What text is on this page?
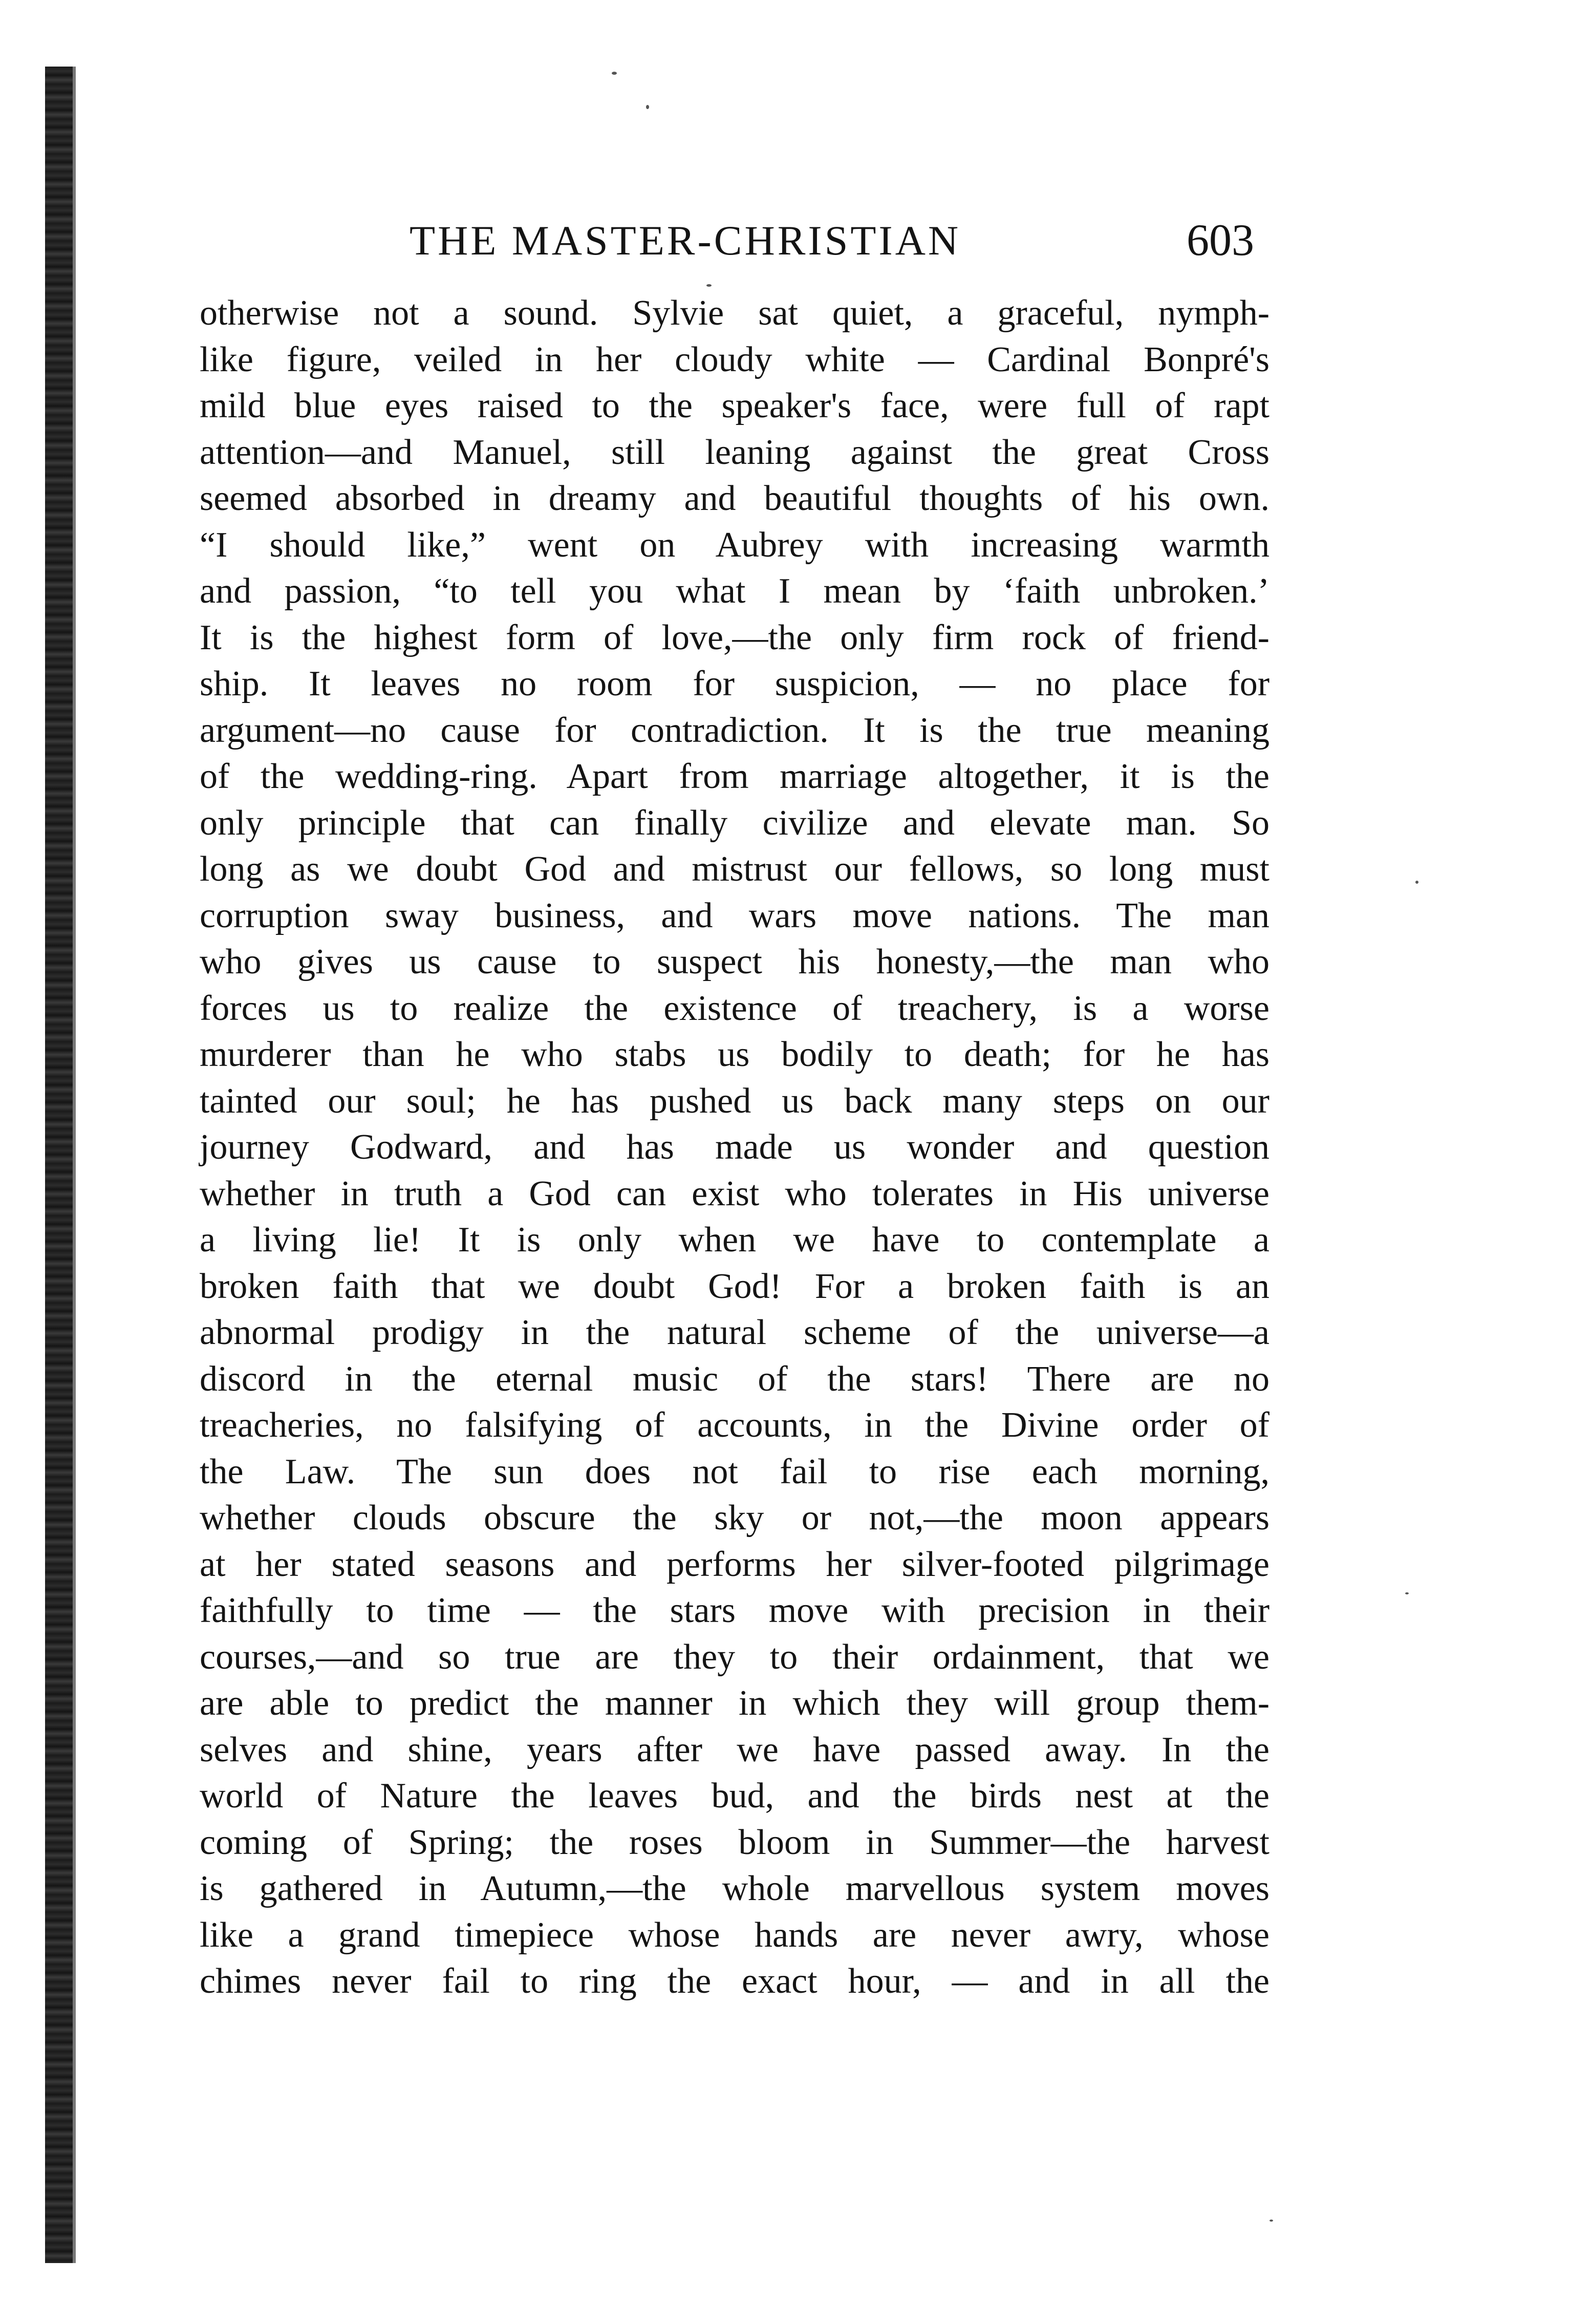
THE MASTER-CHRISTIAN	603
otherwise not a sound. Sylvie sat quiet, a graceful, nymph-
like figure, veiled in her cloudy white — Cardinal Bonpré's
mild blue eyes raised to the speaker's face, were full of rapt
attention—and Manuel, still leaning against the great Cross
seemed absorbed in dreamy and beautiful thoughts of his own.
“I should like,” went on Aubrey with increasing warmth
and passion, “to tell you what I mean by ‘faith unbroken.’
It is the highest form of love,—the only firm rock of friend-
ship. It leaves no room for suspicion, — no place for
argument—no cause for contradiction. It is the true meaning
of the wedding-ring. Apart from marriage altogether, it is the
only principle that can finally civilize and elevate man. So
long as we doubt God and mistrust our fellows, so long must
corruption sway business, and wars move nations. The man
who gives us cause to suspect his honesty,—the man who
forces us to realize the existence of treachery, is a worse
murderer than he who stabs us bodily to death; for he has
tainted our soul; he has pushed us back many steps on our
journey Godward, and has made us wonder and question
whether in truth a God can exist who tolerates in His universe
a living lie! It is only when we have to contemplate a
broken faith that we doubt God! For a broken faith is an
abnormal prodigy in the natural scheme of the universe—a
discord in the eternal music of the stars! There are no
treacheries, no falsifying of accounts, in the Divine order of
the Law. The sun does not fail to rise each morning,
whether clouds obscure the sky or not,—the moon appears
at her stated seasons and performs her silver-footed pilgrimage
faithfully to time — the stars move with precision in their
courses,—and so true are they to their ordainment, that we
are able to predict the manner in which they will group them-
selves and shine, years after we have passed away. In the
world of Nature the leaves bud, and the birds nest at the
coming of Spring; the roses bloom in Summer—the harvest
is gathered in Autumn,—the whole marvellous system moves
like a grand timepiece whose hands are never awry, whose
chimes never fail to ring the exact hour, — and in all the
